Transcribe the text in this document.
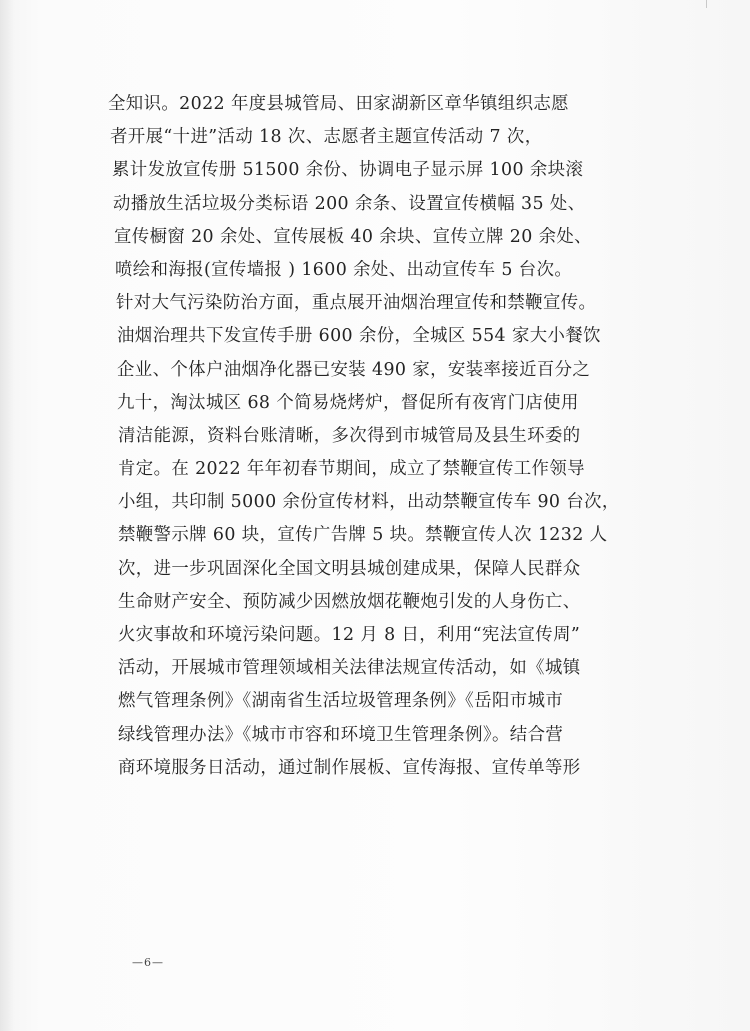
全知识。2022 年度县城管局、田家湖新区章华镇组织志愿
者开展“十进”活动 18 次、志愿者主题宣传活动 7 次，
累计发放宣传册 51500 余份、协调电子显示屏 100 余块滚
动播放生活垃圾分类标语 200 余条、设置宣传横幅 35 处、
宣传橱窗 20 余处、宣传展板 40 余块、宣传立牌 20 余处、
喷绘和海报(宣传墙报 ) 1600 余处、出动宣传车 5 台次。
针对大气污染防治方面，重点展开油烟治理宣传和禁鞭宣传。
油烟治理共下发宣传手册 600 余份，全城区 554 家大小餐饮
企业、个体户油烟净化器已安装 490 家，安装率接近百分之
九十，淘汰城区 68 个简易烧烤炉，督促所有夜宵门店使用
清洁能源，资料台账清晰，多次得到市城管局及县生环委的
肯定。在 2022 年年初春节期间，成立了禁鞭宣传工作领导
小组，共印制 5000 余份宣传材料，出动禁鞭宣传车 90 台次，
禁鞭警示牌 60 块，宣传广告牌 5 块。禁鞭宣传人次 1232 人
次，进一步巩固深化全国文明县城创建成果，保障人民群众
生命财产安全、预防减少因燃放烟花鞭炮引发的人身伤亡、
火灾事故和环境污染问题。12 月 8 日，利用“宪法宣传周”
活动，开展城市管理领域相关法律法规宣传活动，如《城镇
燃气管理条例》《湖南省生活垃圾管理条例》《岳阳市城市
绿线管理办法》《城市市容和环境卫生管理条例》。结合营
商环境服务日活动，通过制作展板、宣传海报、宣传单等形
—6—
